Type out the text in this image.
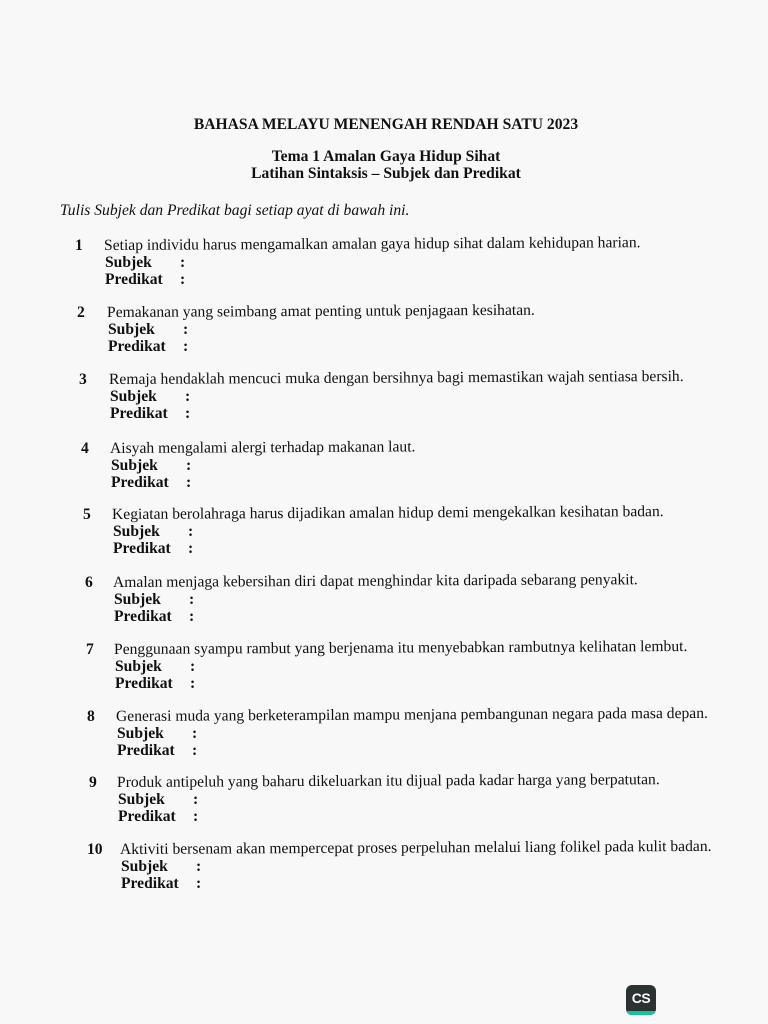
BAHASA MELAYU MENENGAH RENDAH SATU 2023
Tema 1 Amalan Gaya Hidup Sihat
Latihan Sintaksis – Subjek dan Predikat
Tulis Subjek dan Predikat bagi setiap ayat di bawah ini.
1 Setiap individu harus mengamalkan amalan gaya hidup sihat dalam kehidupan harian.
Subjek :
Predikat :
2 Pemakanan yang seimbang amat penting untuk penjagaan kesihatan.
Subjek :
Predikat :
3 Remaja hendaklah mencuci muka dengan bersihnya bagi memastikan wajah sentiasa bersih.
Subjek :
Predikat :
4 Aisyah mengalami alergi terhadap makanan laut.
Subjek :
Predikat :
5 Kegiatan berolahraga harus dijadikan amalan hidup demi mengekalkan kesihatan badan.
Subjek :
Predikat :
6 Amalan menjaga kebersihan diri dapat menghindar kita daripada sebarang penyakit.
Subjek :
Predikat :
7 Penggunaan syampu rambut yang berjenama itu menyebabkan rambutnya kelihatan lembut.
Subjek :
Predikat :
8 Generasi muda yang berketerampilan mampu menjana pembangunan negara pada masa depan.
Subjek :
Predikat :
9 Produk antipeluh yang baharu dikeluarkan itu dijual pada kadar harga yang berpatutan.
Subjek :
Predikat :
10 Aktiviti bersenam akan mempercepat proses perpeluhan melalui liang folikel pada kulit badan.
Subjek :
Predikat :
CS
